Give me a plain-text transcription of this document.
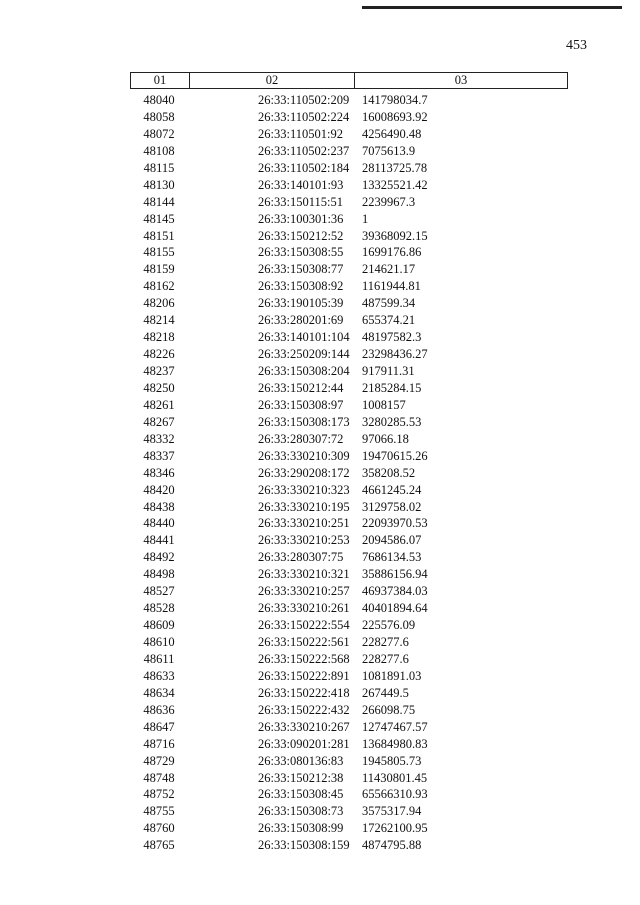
453
01	02	03
48040	26:33:110502:209	141798034.7
48058	26:33:110502:224	16008693.92
48072	26:33:110501:92	4256490.48
48108	26:33:110502:237	7075613.9
48115	26:33:110502:184	28113725.78
48130	26:33:140101:93	13325521.42
48144	26:33:150115:51	2239967.3
48145	26:33:100301:36	1
48151	26:33:150212:52	39368092.15
48155	26:33:150308:55	1699176.86
48159	26:33:150308:77	214621.17
48162	26:33:150308:92	1161944.81
48206	26:33:190105:39	487599.34
48214	26:33:280201:69	655374.21
48218	26:33:140101:104 48197582.3
48226	26:33:250209:144 23298436.27
48237	26:33:150308:204 917911.31
48250	26:33:150212:44	2185284.15
48261	26:33:150308:97	1008157
48267	26:33:150308:173 3280285.53
48332	26:33:280307:72	97066.18
48337	26:33:330210:309 19470615.26
48346	26:33:290208:172 358208.52
48420	26:33:330210:323 4661245.24
48438	26:33:330210:195 3129758.02
48440	26:33:330210:251 22093970.53
48441	26:33:330210:253 2094586.07
48492	26:33:280307:75	7686134.53
48498	26:33:330210:321 35886156.94
48527	26:33:330210:257 46937384.03
48528	26:33:330210:261 40401894.64
48609	26:33:150222:554 225576.09
48610	26:33:150222:561 228277.6
48611	26:33:150222:568 228277.6
48633	26:33:150222:891 1081891.03
48634	26:33:150222:418 267449.5
48636	26:33:150222:432 266098.75
48647	26:33:330210:267 12747467.57
48716	26:33:090201:281 13684980.83
48729	26:33:080136:83	1945805.73
48748	26:33:150212:38	11430801.45
48752	26:33:150308:45	65566310.93
48755	26:33:150308:73	3575317.94
48760	26:33:150308:99	17262100.95
48765	26:33:150308:159 4874795.88
